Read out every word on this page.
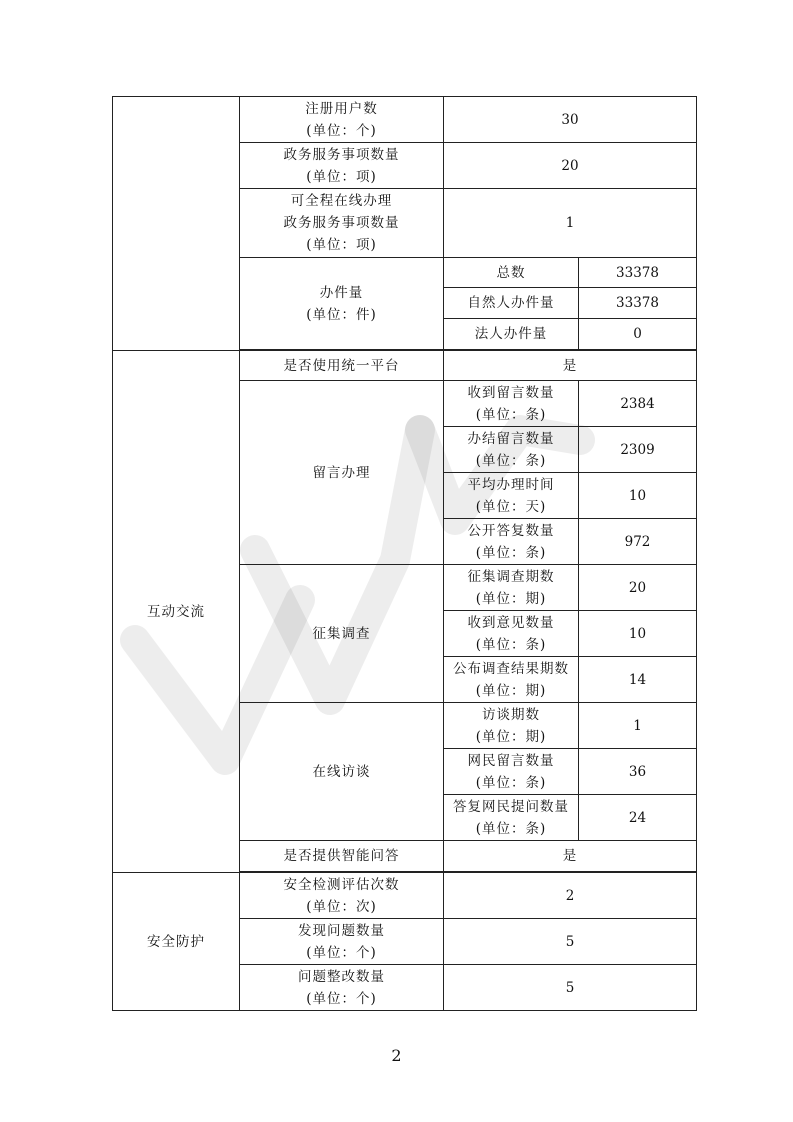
	注册用户数
(单位：个)	30	

	政务服务事项数量
(单位：项)	20	

	可全程在线办理
政务服务事项数量
(单位：项)	1	

	办件量
(单位：件)	总数	33378
		自然人办件量	33378
		法人办件量	0

互动交流	是否使用统一平台	是	
	留言办理	收到留言数量
(单位：条)	2384

		办结留言数量
(单位：条)	2309

		平均办理时间
(单位：天)	10

		公开答复数量
(单位：条)	972
	征集调查	征集调查期数
(单位：期)	20

		收到意见数量
(单位：条)	10

		公布调查结果期数
(单位：期)	14
	在线访谈	访谈期数
(单位：期)	1

		网民留言数量
(单位：条)	36

		答复网民提问数量
(单位：条)	24
	是否提供智能问答	是	

安全防护	安全检测评估次数
(单位：次)	2	

	发现问题数量
(单位：个)	5	

	问题整改数量
(单位：个)	5	
2
